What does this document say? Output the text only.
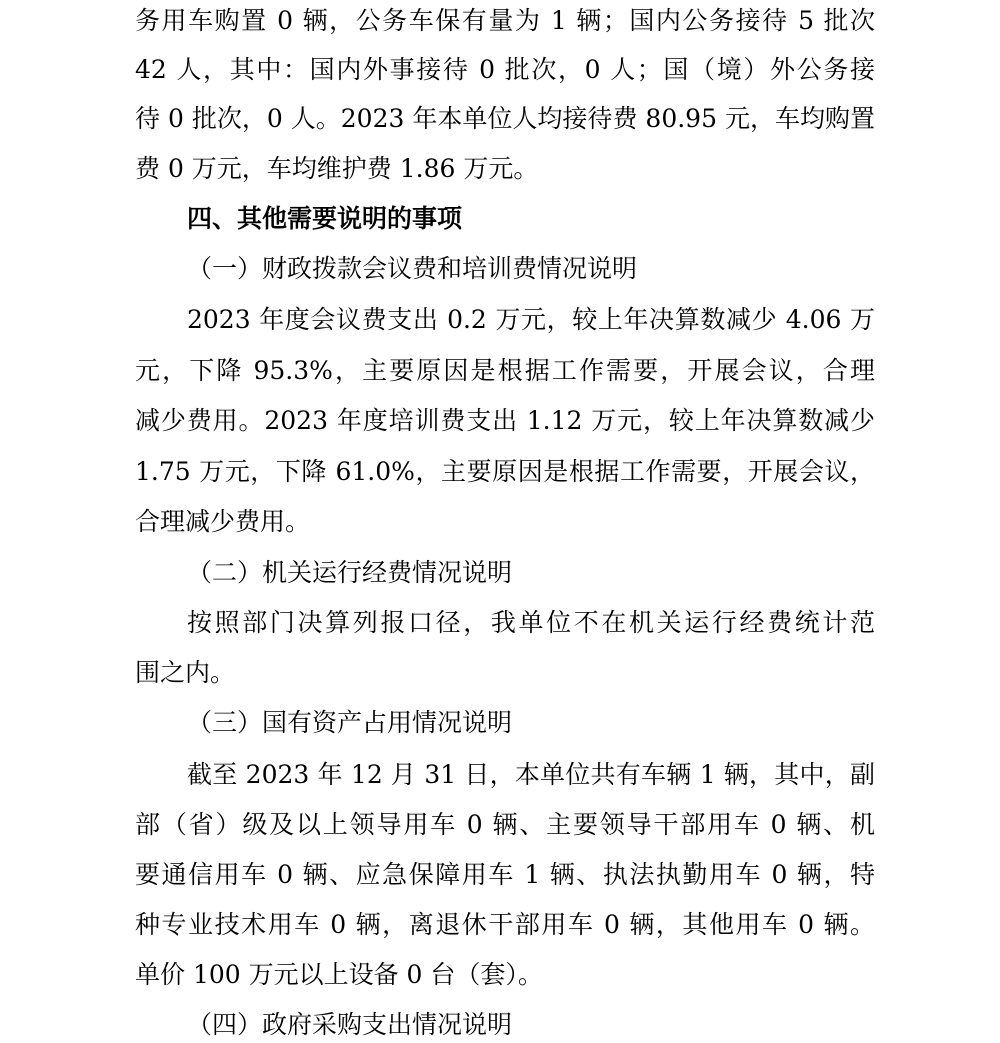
务用车购置 0 辆，公务车保有量为 1 辆；国内公务接待 5 批次
42 人，其中：国内外事接待 0 批次，0 人；国（境）外公务接
待 0 批次，0 人。2023 年本单位人均接待费 80.95 元，车均购置
费 0 万元，车均维护费 1.86 万元。
四、其他需要说明的事项
（一）财政拨款会议费和培训费情况说明
2023 年度会议费支出 0.2 万元，较上年决算数减少 4.06 万
元，下降 95.3%，主要原因是根据工作需要，开展会议，合理
减少费用。2023 年度培训费支出 1.12 万元，较上年决算数减少
1.75 万元，下降 61.0%，主要原因是根据工作需要，开展会议，
合理减少费用。
（二）机关运行经费情况说明
按照部门决算列报口径，我单位不在机关运行经费统计范
围之内。
（三）国有资产占用情况说明
截至 2023 年 12 月 31 日，本单位共有车辆 1 辆，其中，副
部（省）级及以上领导用车 0 辆、主要领导干部用车 0 辆、机
要通信用车 0 辆、应急保障用车 1 辆、执法执勤用车 0 辆，特
种专业技术用车 0 辆，离退休干部用车 0 辆，其他用车 0 辆。
单价 100 万元以上设备 0 台（套）。
（四）政府采购支出情况说明
